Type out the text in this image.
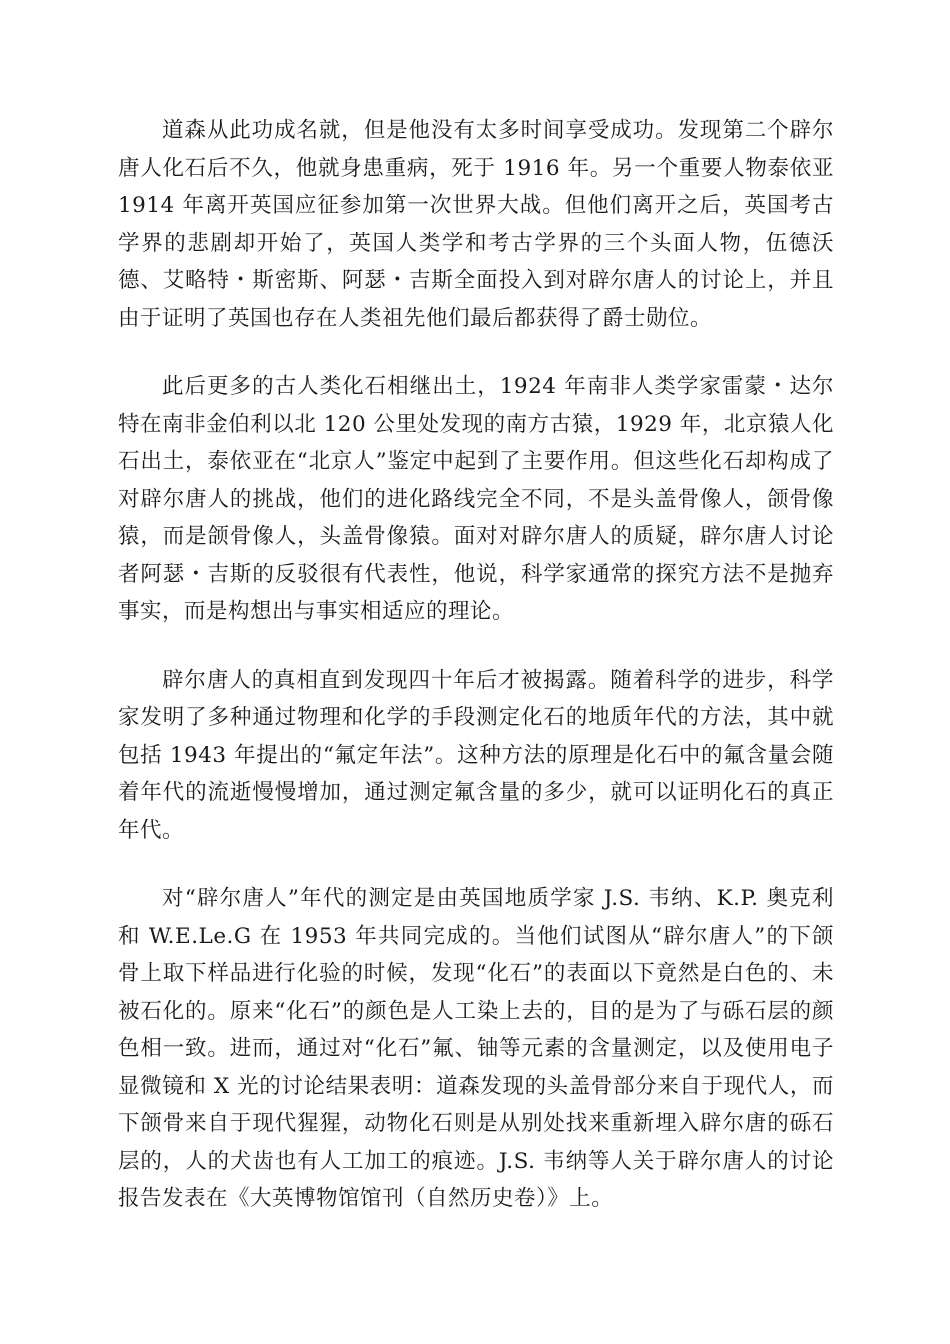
道森从此功成名就，但是他没有太多时间享受成功。发现第二个辟尔唐人化石后不久，他就身患重病，死于 1916 年。另一个重要人物泰依亚 1914 年离开英国应征参加第一次世界大战。但他们离开之后，英国考古学界的悲剧却开始了，英国人类学和考古学界的三个头面人物，伍德沃德、艾略特・斯密斯、阿瑟・吉斯全面投入到对辟尔唐人的讨论上，并且由于证明了英国也存在人类祖先他们最后都获得了爵士勋位。

此后更多的古人类化石相继出土，1924 年南非人类学家雷蒙・达尔特在南非金伯利以北 120 公里处发现的南方古猿，1929 年，北京猿人化石出土，泰依亚在“北京人”鉴定中起到了主要作用。但这些化石却构成了对辟尔唐人的挑战，他们的进化路线完全不同，不是头盖骨像人，颌骨像猿，而是颌骨像人，头盖骨像猿。面对对辟尔唐人的质疑，辟尔唐人讨论者阿瑟・吉斯的反驳很有代表性，他说，科学家通常的探究方法不是抛弃事实，而是构想出与事实相适应的理论。

辟尔唐人的真相直到发现四十年后才被揭露。随着科学的进步，科学家发明了多种通过物理和化学的手段测定化石的地质年代的方法，其中就包括 1943 年提出的“氟定年法”。这种方法的原理是化石中的氟含量会随着年代的流逝慢慢增加，通过测定氟含量的多少，就可以证明化石的真正年代。

对“辟尔唐人”年代的测定是由英国地质学家 J.S. 韦纳、K.P. 奥克利和 W.E.Le.G 在 1953 年共同完成的。当他们试图从“辟尔唐人”的下颌骨上取下样品进行化验的时候，发现“化石”的表面以下竟然是白色的、未被石化的。原来“化石”的颜色是人工染上去的，目的是为了与砾石层的颜色相一致。进而，通过对“化石”氟、铀等元素的含量测定，以及使用电子显微镜和 X 光的讨论结果表明：道森发现的头盖骨部分来自于现代人，而下颌骨来自于现代猩猩，动物化石则是从别处找来重新埋入辟尔唐的砾石层的，人的犬齿也有人工加工的痕迹。J.S. 韦纳等人关于辟尔唐人的讨论报告发表在《大英博物馆馆刊（自然历史卷）》上。
